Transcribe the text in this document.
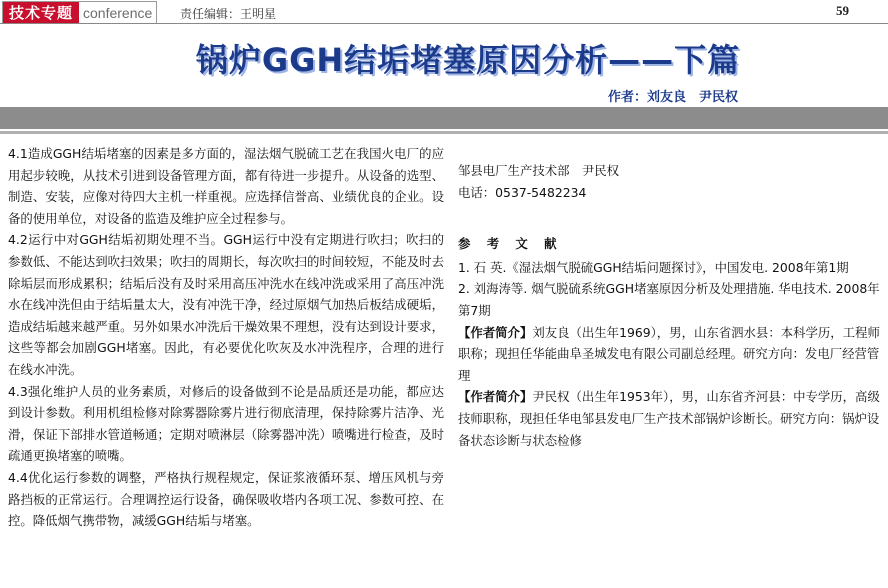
技术专题 conference	责任编辑：王明星	59
锅炉GGH结垢堵塞原因分析——下篇
作者：刘友良　尹民权

4.1造成GGH结垢堵塞的因素是多方面的，湿法烟气脱硫工艺在我国火电厂的应用起步较晚，从技术引进到设备管理方面，都有待进一步提升。从设备的选型、制造、安装，应像对待四大主机一样重视。应选择信誉高、业绩优良的企业。设备的使用单位，对设备的监造及维护应全过程参与。

4.2运行中对GGH结垢初期处理不当。GGH运行中没有定期进行吹扫；吹扫的参数低、不能达到吹扫效果；吹扫的周期长，每次吹扫的时间较短，不能及时去除垢层而形成累积；结垢后没有及时采用高压冲洗水在线冲洗或采用了高压冲洗水在线冲洗但由于结垢量太大，没有冲洗干净，经过原烟气加热后板结成硬垢，造成结垢越来越严重。另外如果水冲洗后干燥效果不理想，没有达到设计要求，这些等都会加剧GGH堵塞。因此，有必要优化吹灰及水冲洗程序，合理的进行在线水冲洗。

4.3强化维护人员的业务素质，对修后的设备做到不论是品质还是功能，都应达到设计参数。利用机组检修对除雾器除雾片进行彻底清理，保持除雾片洁净、光滑，保证下部排水管道畅通；定期对喷淋层（除雾器冲洗）喷嘴进行检查，及时疏通更换堵塞的喷嘴。

4.4优化运行参数的调整，严格执行规程规定，保证浆液循环泵、增压风机与旁路挡板的正常运行。合理调控运行设备，确保吸收塔内各项工况、参数可控、在控。降低烟气携带物，减缓GGH结垢与堵塞。

邹县电厂生产技术部　尹民权

电话：0537-5482234

参 考 文 献

1. 石 英.《湿法烟气脱硫GGH结垢问题探讨》，中国发电. 2008年第1期

2. 刘海涛等. 烟气脱硫系统GGH堵塞原因分析及处理措施. 华电技术. 2008年第7期

【作者简介】刘友良（出生年1969），男，山东省泗水县：本科学历，工程师职称；现担任华能曲阜圣城发电有限公司副总经理。研究方向：发电厂经营管理

【作者简介】尹民权（出生年1953年），男，山东省齐河县：中专学历，高级技师职称，现担任华电邹县发电厂生产技术部锅炉诊断长。研究方向：锅炉设备状态诊断与状态检修
